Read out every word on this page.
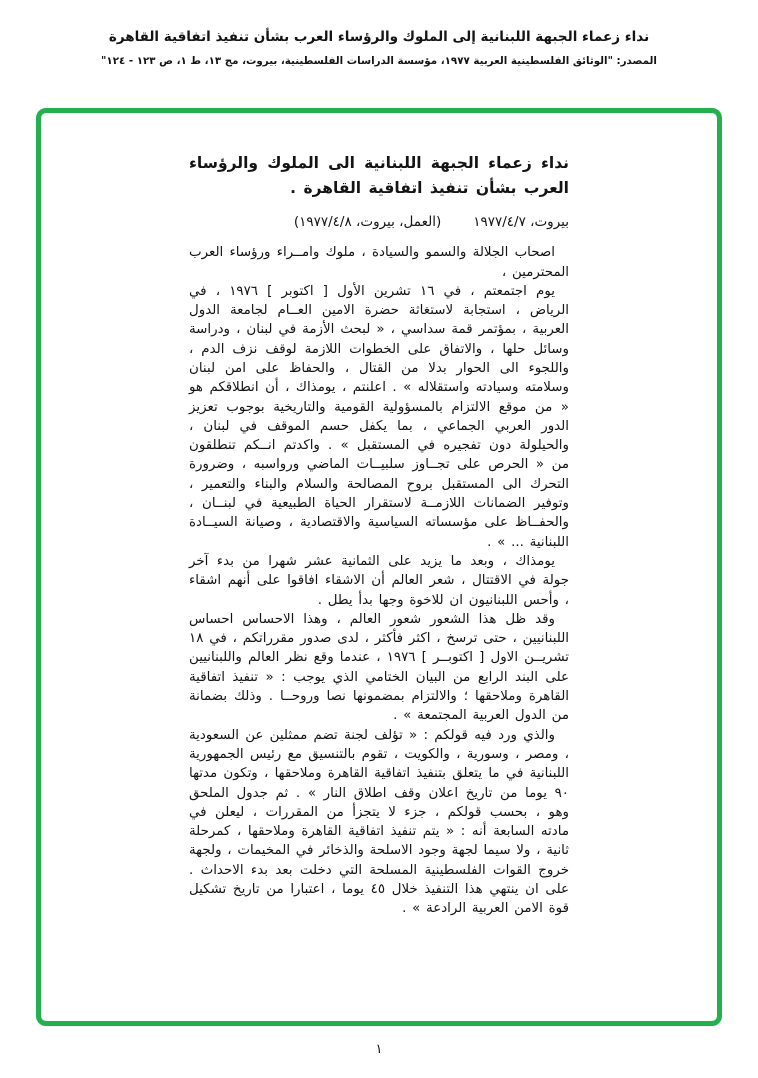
نداء زعماء الجبهة اللبنانية إلى الملوك والرؤساء العرب بشأن تنفيذ اتفاقية القاهرة
المصدر: "الوثائق الفلسطينية العربية ١٩٧٧، مؤسسة الدراسات الفلسطينية، بيروت، مج ١٣، ط ١، ص ١٢٣ - ١٢٤"
نداء زعماء الجبهة اللبنانية الى الملوك والرؤساء العرب بشأن تنفيذ اتفاقية القاهرة .
بيروت، ١٩٧٧/٤/٧
(العمل، بيروت، ١٩٧٧/٤/٨)

اصحاب الجلالة والسمو والسيادة ، ملوك وامــراء ورؤساء العرب المحترمين ،

يوم اجتمعتم ، في ١٦ تشرين الأول [ اكتوبر ] ١٩٧٦ ، في الرياض ، استجابة لاستغاثة حضرة الامين العــام لجامعة الدول العربية ، بمؤتمر قمة سداسي ، « لبحث الأزمة في لبنان ، ودراسة وسائل حلها ، والاتفاق على الخطوات اللازمة لوقف نزف الدم ، واللجوء الى الحوار بدلا من القتال ، والحفاظ على امن لبنان وسلامته وسيادته واستقلاله » . اعلنتم ، يومذاك ، أن انطلاقكم هو « من موقع الالتزام بالمسؤولية القومية والتاريخية بوجوب تعزيز الدور العربي الجماعي ، بما يكفل حسم الموقف في لبنان ، والحيلولة دون تفجيره في المستقبل » . واكدتم انــكم تنطلقون من « الحرص على تجــاوز سلبيــات الماضي ورواسبه ، وضرورة التحرك الى المستقبل بروح المصالحة والسلام والبناء والتعمير ، وتوفير الضمانات اللازمــة لاستقرار الحياة الطبيعية في لبنــان ، والحفــاظ على مؤسساته السياسية والاقتصادية ، وصيانة السيــادة اللبنانية ... » .

يومذاك ، وبعد ما يزيد على الثمانية عشر شهرا من بدء آخر جولة في الاقتتال ، شعر العالم أن الاشقاء افاقوا على أنهم اشقاء ، وأحس اللبنانيون ان للاخوة وجها بدأ يطل .

وقد ظل هذا الشعور شعور العالم ، وهذا الاحساس احساس اللبنانيين ، حتى ترسخ ، اكثر فأكثر ، لدى صدور مقرراتكم ، في ١٨ تشريــن الاول [ اكتوبــر ] ١٩٧٦ ، عندما وقع نظر العالم واللبنانيين على البند الرابع من البيان الختامي الذي يوجب : « تنفيذ اتفاقية القاهرة وملاحقها ؛ والالتزام بمضمونها نصا وروحــا . وذلك بضمانة من الدول العربية المجتمعة » .

والذي ورد فيه قولكم : « تؤلف لجنة تضم ممثلين عن السعودية ، ومصر ، وسورية ، والكويت ، تقوم بالتنسيق مع رئيس الجمهورية اللبنانية في ما يتعلق بتنفيذ اتفاقية القاهرة وملاحقها ، وتكون مدتها ٩٠ يوما من تاريخ اعلان وقف اطلاق النار » . ثم جدول الملحق وهو ، بحسب قولكم ، جزء لا يتجزأ من المقررات ، ليعلن في مادته السابعة أنه : « يتم تنفيذ اتفاقية القاهرة وملاحقها ، كمرحلة ثانية ، ولا سيما لجهة وجود الاسلحة والذخائر في المخيمات ، ولجهة خروج القوات الفلسطينية المسلحة التي دخلت بعد بدء الاحداث . على ان ينتهي هذا التنفيذ خلال ٤٥ يوما ، اعتبارا من تاريخ تشكيل قوة الامن العربية الرادعة » .

١
